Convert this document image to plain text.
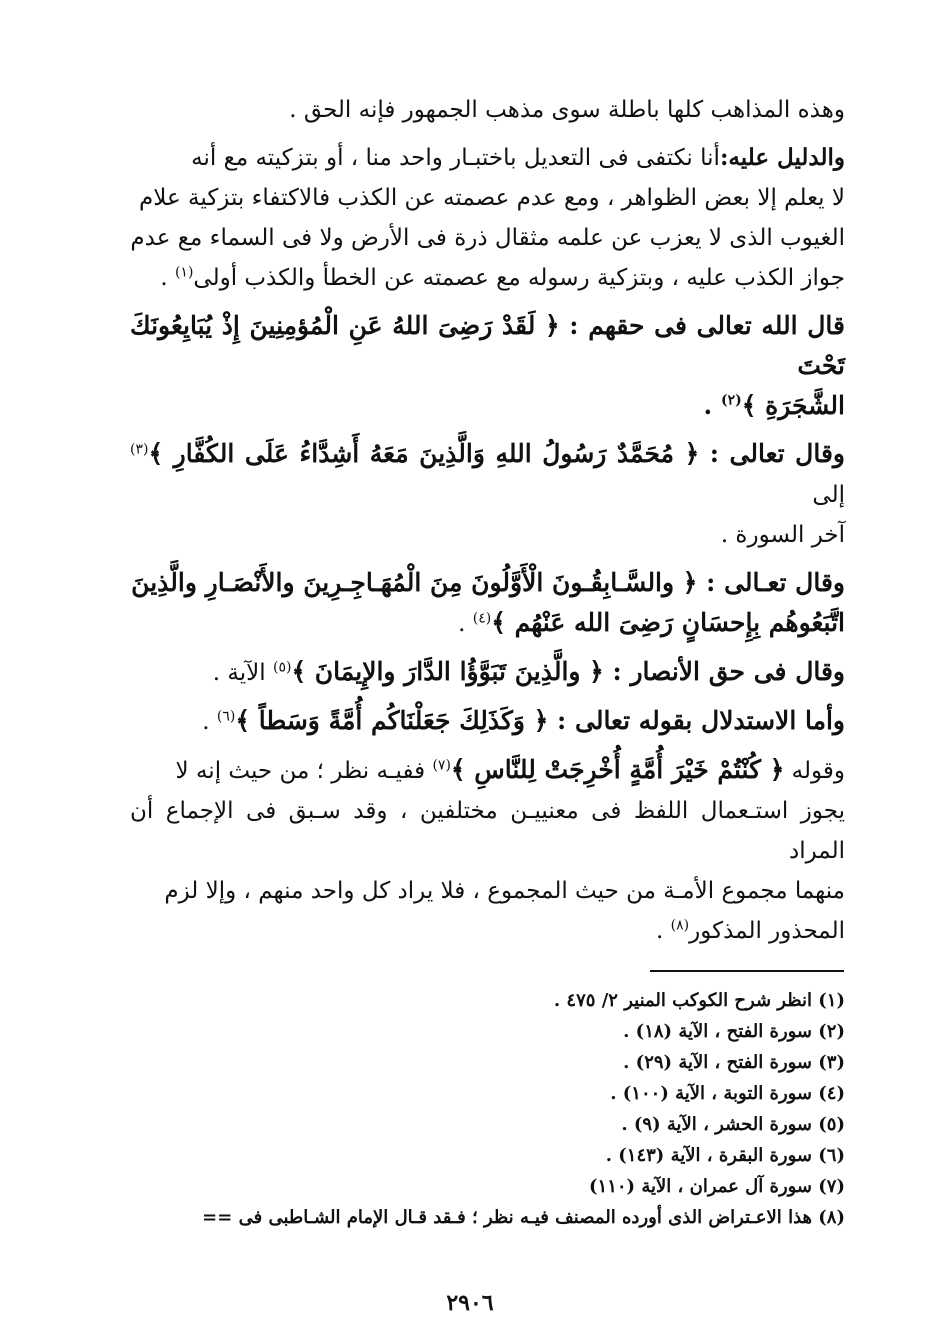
وهذه المذاهب كلها باطلة سوى مذهب الجمهور فإنه الحق .

والدليل عليه:أنا نكتفى فى التعديل باختبـار واحد منا ، أو بتزكيته مع أنه

لا يعلم إلا بعض الظواهر ، ومع عدم عصمته عن الكذب فالاكتفاء بتزكية علام

الغيوب الذى لا يعزب عن علمه مثقال ذرة فى الأرض ولا فى السماء مع عدم

جواز الكذب عليه ، وبتزكية رسوله مع عصمته عن الخطأ والكذب أولى$^{(١)}$ .

قال الله تعالى فى حقهم : ﴿ لَقَدْ رَضِىَ اللهُ عَنِ الْمُؤمِنِينَ إِذْ يُبَايِعُونَكَ تَحْتَ

الشَّجَرَةِ ﴾$^{(٢)}$ .

وقال تعالى : ﴿ مُحَمَّدٌ رَسُولُ اللهِ وَالَّذِينَ مَعَهُ أَشِدَّاءُ عَلَى الكُفَّارِ ﴾$^{(٣)}$ إلى

آخر السورة .

وقال تعـالى : ﴿ والسَّـابِقُـونَ الْأَوَّلُونَ مِنَ الْمُهَـاجِـرِينَ والأَنْصَـارِ والَّذِينَ

اتَّبَعُوهُم بِإِحسَانٍ رَضِىَ الله عَنْهُم ﴾$^{(٤)}$ .

وقال فى حق الأنصار : ﴿ والَّذِينَ تَبَوَّؤُا الدَّارَ والإِيمَانَ ﴾$^{(٥)}$ الآية .

وأما الاستدلال بقوله تعالى : ﴿ وَكَذَلِكَ جَعَلْنَاكُم أُمَّةً وَسَطاً ﴾$^{(٦)}$ .

وقوله ﴿ كُنْتُمْ خَيْرَ أُمَّةٍ أُخْرِجَتْ لِلنَّاسِ ﴾$^{(٧)}$ ففيـه نظر ؛ من حيث إنه لا

يجوز استـعمال اللفظ فى معنييـن مختلفين ، وقد سـبق فى الإجماع أن المراد

منهما مجموع الأمـة من حيث المجموع ، فلا يراد كل واحد منهم ، وإلا لزم

المحذور المذكور$^{(٨)}$ .

(١) انظر شرح الكوكب المنير ٢/ ٤٧٥ .

(٢) سورة الفتح ، الآية (١٨) .

(٣) سورة الفتح ، الآية (٢٩) .

(٤) سورة التوبة ، الآية (١٠٠) .

(٥) سورة الحشر ، الآية (٩) .

(٦) سورة البقرة ، الآية (١٤٣) .

(٧) سورة آل عمران ، الآية (١١٠)

(٨) هذا الاعـتراض الذى أورده المصنف فيـه نظر ؛ فـقد قـال الإمام الشـاطبى فى ==

٢٩٠٦
